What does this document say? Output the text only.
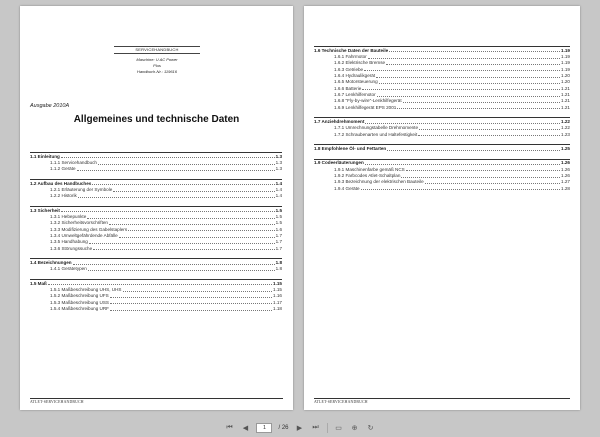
SERVICEHANDBUCH
Maschine: U AC Power
Plus
Handbuch-Nr.: 119616
Ausgabe 2010A
Allgemeines und technische Daten
1.1 Einleitung	1.3
1.1.1 Servicehandbuch	1.3
1.1.2 Geräte	1.3
1.2 Aufbau des Handbuches	1.4
1.2.1 Erläuterung der Symbole	1.4
1.2.2 Historik	1.4
1.3 Sicherheit	1.5
1.3.1 Hebepunkte	1.5
1.3.2 Sicherheitsvorschriften	1.5
1.3.3 Modifizierung des Gabelstaplers	1.6
1.3.4 Umweltgefährdende Abfälle	1.7
1.3.5 Handhabung	1.7
1.3.6 Störungssuche	1.7
1.4 Bezeichnungen	1.8
1.4.1 Gerätetypen	1.8
1.5 Maß	1.15
1.5.1 Maßbeschreibung UHS, UHS	1.15
1.5.2 Maßbeschreibung UFS	1.16
1.5.3 Maßbeschreibung USS	1.17
1.5.4 Maßbeschreibung URF	1.18
ATLET-SERVICEHANDBUCH
1.6 Technische Daten der Bauteile	1.19
1.6.1 Fahrmotor	1.19
1.6.2 Elektrische Bremse	1.19
1.6.3 Getriebe	1.19
1.6.4 Hydraulikgerät	1.20
1.6.5 Motorsteuerung	1.20
1.6.6 Batterie	1.21
1.6.7 Lenkhilfemotor	1.21
1.6.8 "Fly-by-wire"-Lenkhilfegerät	1.21
1.6.9 Lenkhilfegerät EPS 2001	1.21
1.7 Anziehdrehmoment	1.22
1.7.1 Umrechnungstabelle Drehmomente	1.22
1.7.2 Schraubenarten und Haltefestigkeit	1.23
1.8 Empfohlene Öl- und Fettarten	1.25
1.9 Codeerläuterungen	1.26
1.9.1 Maschinenfarbe gemäß NCS	1.26
1.9.2 Farbcodes Atlet-Schaltplan	1.26
1.9.3 Bezeichnung der elektrischen Bauteile	1.27
1.9.4 Geräte	1.28
ATLET-SERVICEHANDBUCH
⏮	◀	1	/ 26	▶	⏭ ▭ ⊕ ↻
